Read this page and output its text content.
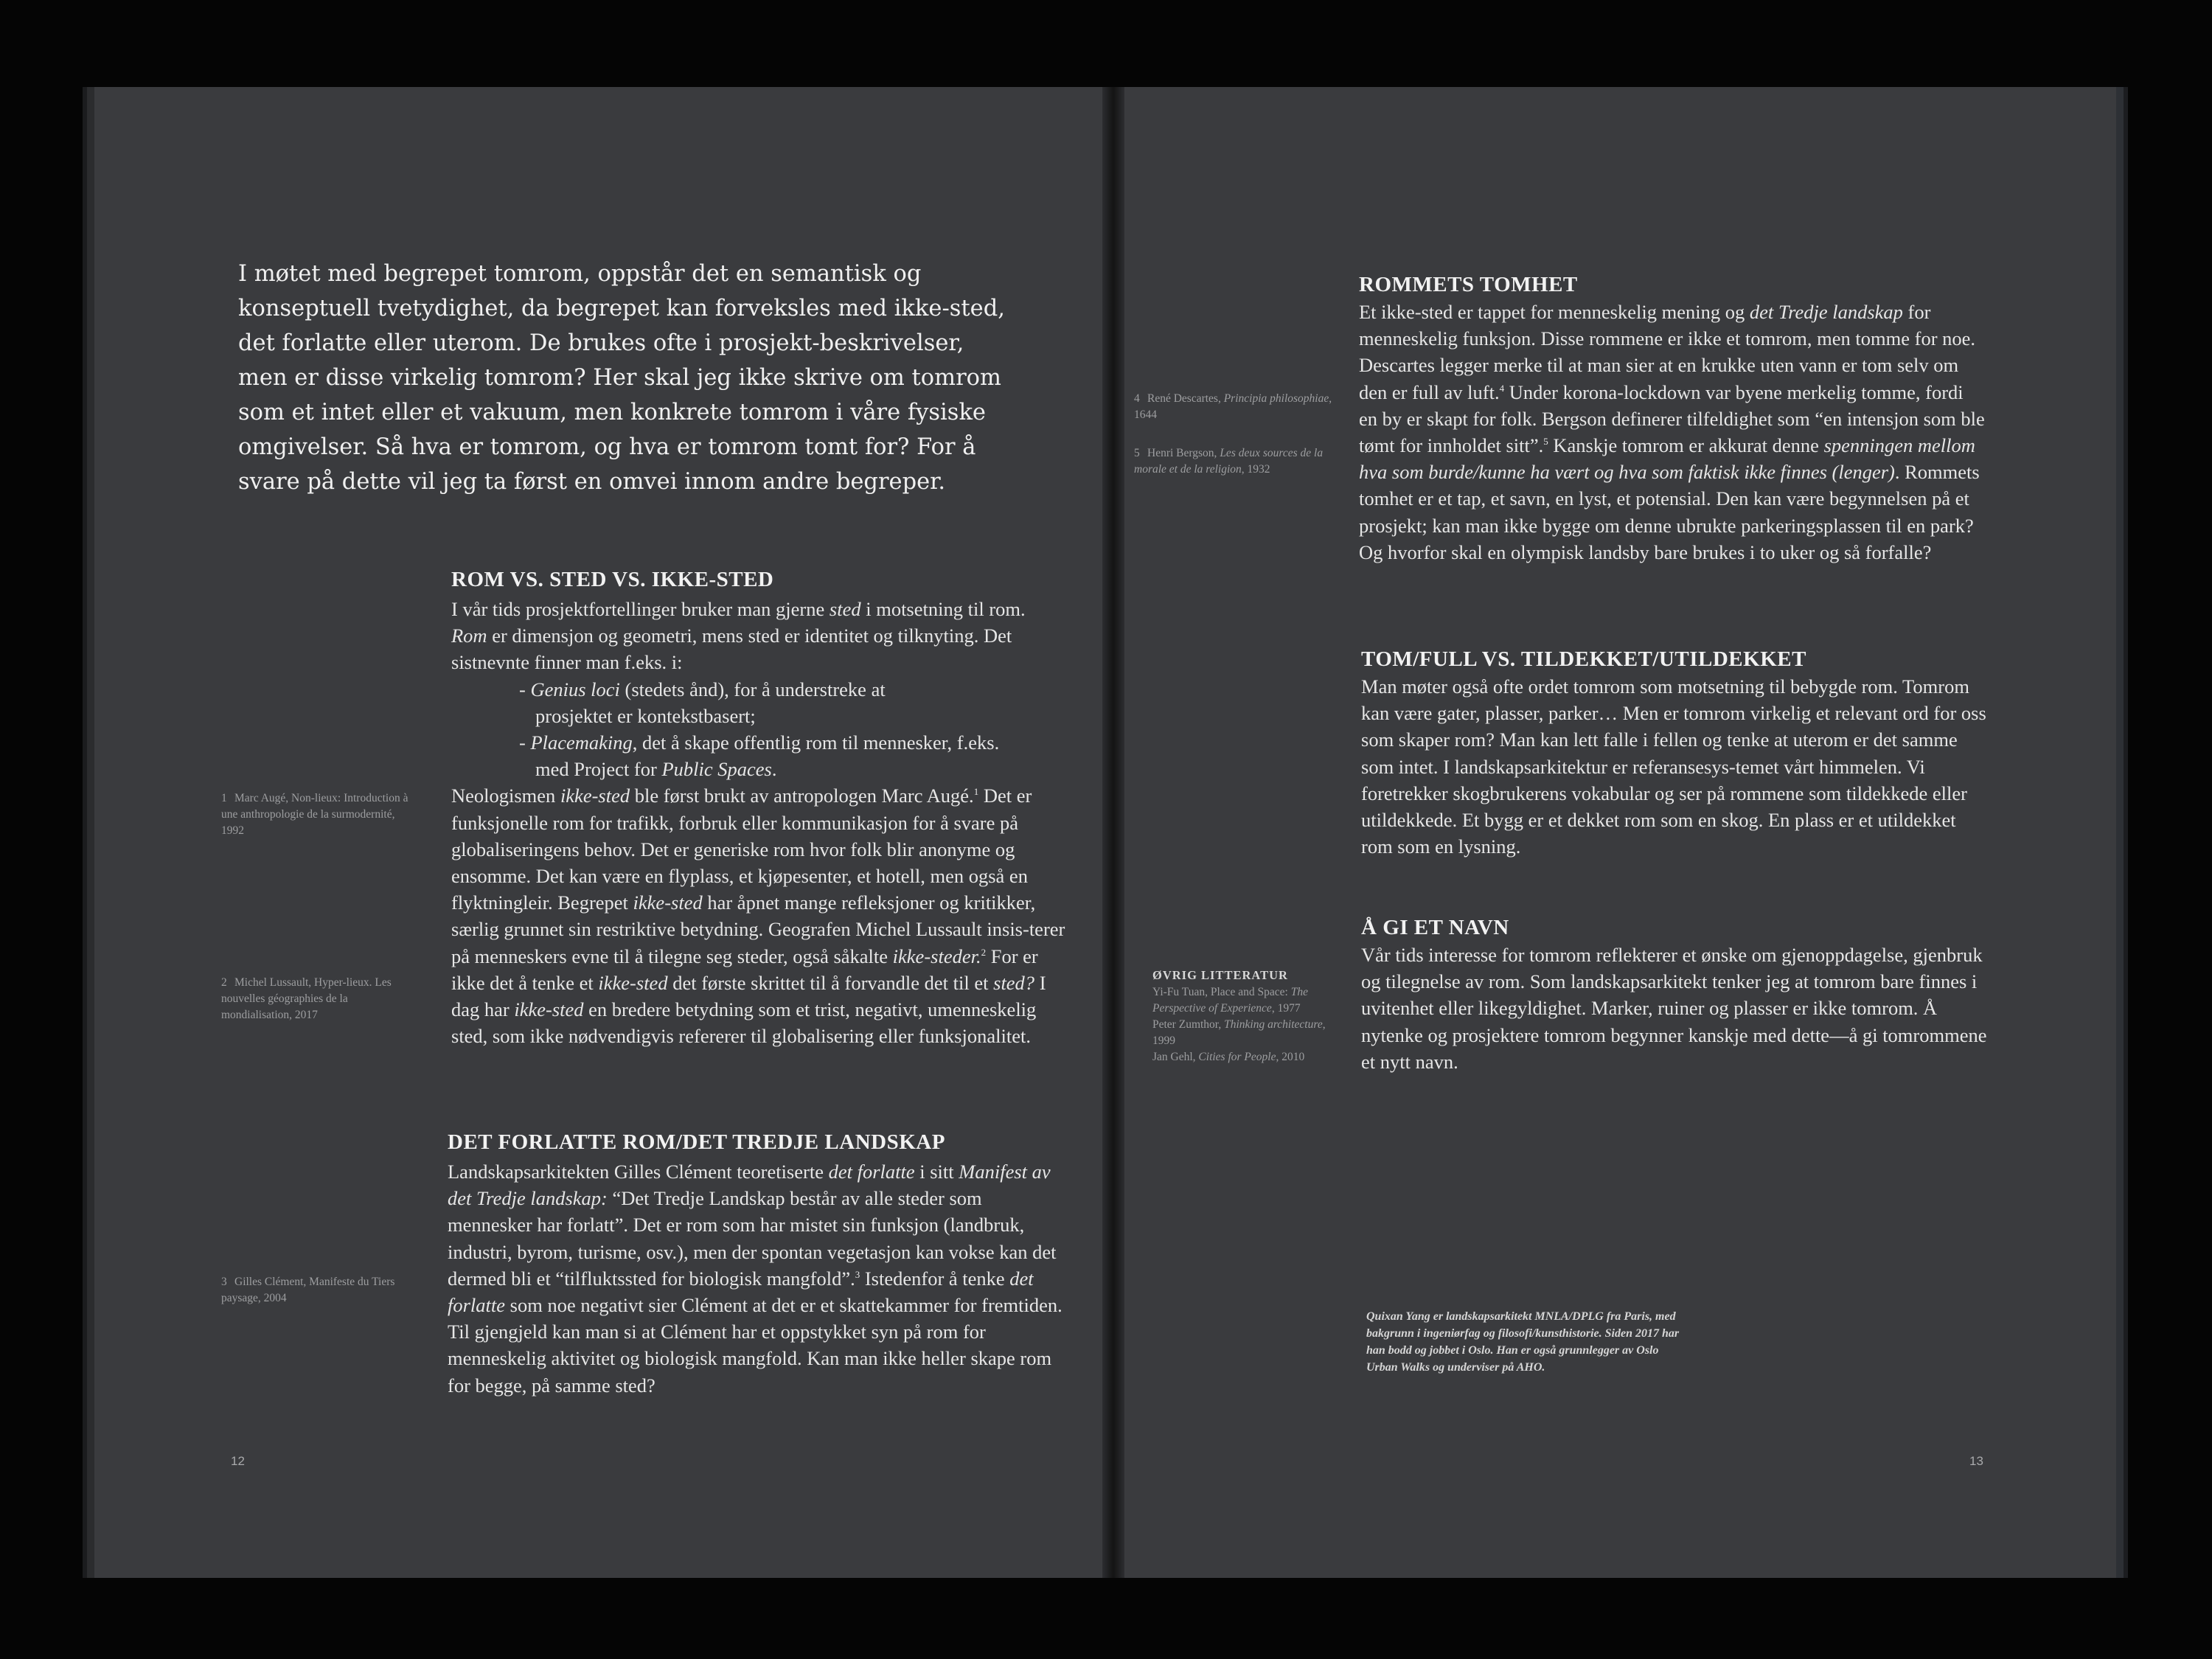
I møtet med begrepet tomrom, oppstår det en semantisk og
konseptuell tvetydighet, da begrepet kan forveksles med ikke-sted,
det forlatte eller uterom. De brukes ofte i prosjekt-beskrivelser,
men er disse virkelig tomrom? Her skal jeg ikke skrive om tomrom
som et intet eller et vakuum, men konkrete tomrom i våre fysiske
omgivelser. Så hva er tomrom, og hva er tomrom tomt for? For å
svare på dette vil jeg ta først en omvei innom andre begreper.

ROM VS. STED VS. IKKE-STED

I vår tids prosjektfortellinger bruker man gjerne sted i motsetning til rom.
Rom er dimensjon og geometri, mens sted er identitet og tilknyting. Det sistnevnte finner man f.eks. i:

- Genius loci (stedets ånd), for å understreke at prosjektet er kontekstbasert;

- Placemaking, det å skape offentlig rom til mennesker, f.eks. med Project for Public Spaces.

Neologismen ikke-sted ble først brukt av antropologen Marc Augé.$^1$ Det er funksjonelle rom for trafikk, forbruk eller kommunikasjon for å svare på globaliseringens behov. Det er generiske rom hvor folk blir anonyme og ensomme. Det kan være en flyplass, et kjøpesenter, et hotell, men også en flyktningleir. Begrepet ikke-sted har åpnet mange refleksjoner og kritikker, særlig grunnet sin restriktive betydning. Geografen Michel Lussault insis-terer på menneskers evne til å tilegne seg steder, også såkalte ikke-steder.$^2$ For er ikke det å tenke et ikke-sted det første skrittet til å forvandle det til et sted? I dag har ikke-sted en bredere betydning som et trist, negativt, umenneskelig sted, som ikke nødvendigvis refererer til globalisering eller funksjonalitet.

DET FORLATTE ROM/DET TREDJE LANDSKAP

Landskapsarkitekten Gilles Clément teoretiserte det forlatte i sitt Manifest av det Tredje landskap: “Det Tredje Landskap består av alle steder som mennesker har forlatt”. Det er rom som har mistet sin funksjon (landbruk, industri, byrom, turisme, osv.), men der spontan vegetasjon kan vokse kan det dermed bli et “tilfluktssted for biologisk mangfold”.$^3$ Istedenfor å tenke det forlatte som noe negativt sier Clément at det er et skattekammer for fremtiden. Til gjengjeld kan man si at Clément har et oppstykket syn på rom for menneskelig aktivitet og biologisk mangfold. Kan man ikke heller skape rom for begge, på samme sted?

1 Marc Augé, Non-lieux: Introduction à une anthropologie de la surmodernité, 1992
2 Michel Lussault, Hyper-lieux. Les nouvelles géographies de la mondialisation, 2017
3 Gilles Clément, Manifeste du Tiers paysage, 2004
12
4 René Descartes, Principia philosophiae, 1644
5 Henri Bergson, Les deux sources de la morale et de la religion, 1932
ROMMETS TOMHET

Et ikke-sted er tappet for menneskelig mening og det Tredje landskap for menneskelig funksjon. Disse rommene er ikke et tomrom, men tomme for noe. Descartes legger merke til at man sier at en krukke uten vann er tom selv om den er full av luft.$^4$ Under korona-lockdown var byene merkelig tomme, fordi en by er skapt for folk. Bergson definerer tilfeldighet som “en intensjon som ble tømt for innholdet sitt”.$^5$ Kanskje tomrom er akkurat denne spenningen mellom hva som burde/kunne ha vært og hva som faktisk ikke finnes (lenger). Rommets tomhet er et tap, et savn, en lyst, et potensial. Den kan være begynnelsen på et prosjekt; kan man ikke bygge om denne ubrukte parkeringsplassen til en park? Og hvorfor skal en olympisk landsby bare brukes i to uker og så forfalle?

TOM/FULL VS. TILDEKKET/UTILDEKKET

Man møter også ofte ordet tomrom som motsetning til bebygde rom. Tomrom kan være gater, plasser, parker… Men er tomrom virkelig et relevant ord for oss som skaper rom? Man kan lett falle i fellen og tenke at uterom er det samme som intet. I landskapsarkitektur er referansesys-temet vårt himmelen. Vi foretrekker skogbrukerens vokabular og ser på rommene som tildekkede eller utildekkede. Et bygg er et dekket rom som en skog. En plass er et utildekket rom som en lysning.

Å GI ET NAVN

Vår tids interesse for tomrom reflekterer et ønske om gjenoppdagelse, gjenbruk og tilegnelse av rom. Som landskapsarkitekt tenker jeg at tomrom bare finnes i uvitenhet eller likegyldighet. Marker, ruiner og plasser er ikke tomrom. Å nytenke og prosjektere tomrom begynner kanskje med dette—å gi tomrommene et nytt navn.

ØVRIG LITTERATUR

Yi-Fu Tuan, Place and Space: The Perspective of Experience, 1977

Peter Zumthor, Thinking architecture, 1999

Jan Gehl, Cities for People, 2010

Quixan Yang er landskapsarkitekt MNLA/DPLG fra Paris, med bakgrunn i ingeniørfag og filosofi/kunsthistorie. Siden 2017 har han bodd og jobbet i Oslo. Han er også grunnlegger av Oslo Urban Walks og underviser på AHO.
13
